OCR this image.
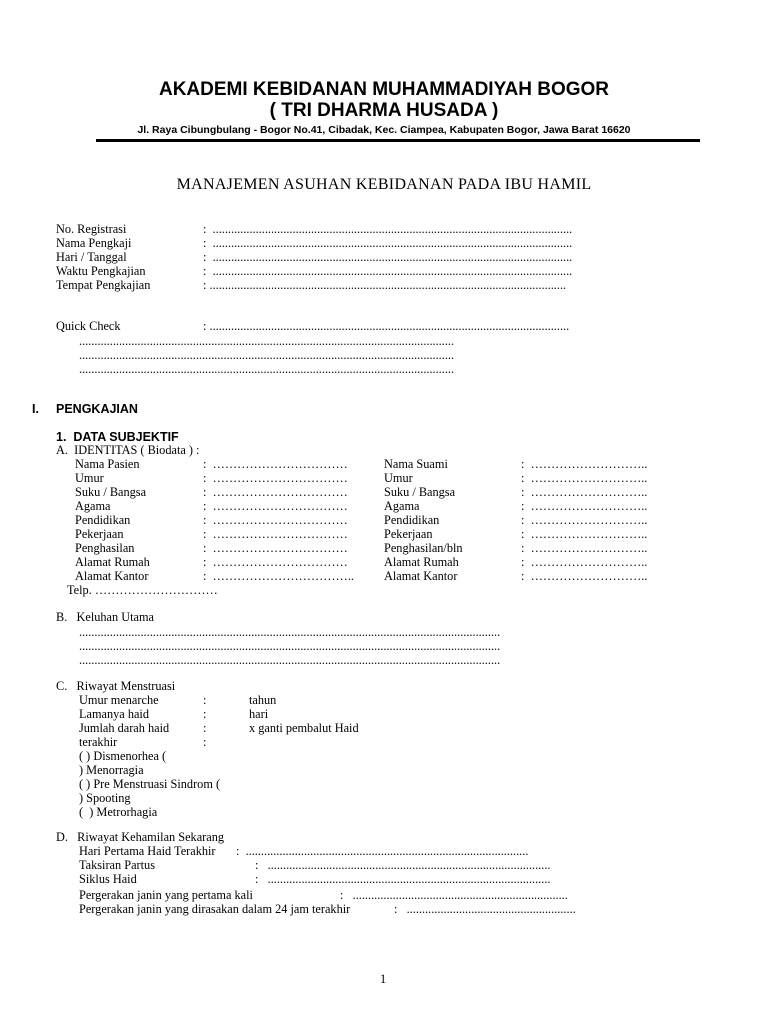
AKADEMI KEBIDANAN MUHAMMADIYAH BOGOR
( TRI DHARMA HUSADA )
Jl. Raya Cibungbulang - Bogor No.41, Cibadak, Kec. Ciampea, Kabupaten Bogor, Jawa Barat 16620
MANAJEMEN ASUHAN KEBIDANAN PADA IBU HAMIL
No. Registrasi	:  .....................................................................................................................
Nama Pengkaji	:  .....................................................................................................................
Hari / Tanggal	:  .....................................................................................................................
Waktu Pengkajian	:  .....................................................................................................................
Tempat Pengkajian	: ....................................................................................................................
Quick Check	: .....................................................................................................................
..........................................................................................................................
..........................................................................................................................
..........................................................................................................................
I. PENGKAJIAN
1.  DATA SUBJEKTIF
A.  IDENTITAS ( Biodata ) :
Nama Pasien	:  ……………………………	Nama Suami	:  ………………………..
Umur	:  ……………………………	Umur	:  ………………………..
Suku / Bangsa	:  ……………………………	Suku / Bangsa	:  ………………………..
Agama	:  ……………………………	Agama	:  ………………………..
Pendidikan	:  ……………………………	Pendidikan	:  ………………………..
Pekerjaan	:  ……………………………	Pekerjaan	:  ………………………..
Penghasilan	:  ……………………………	Penghasilan/bln	:  ………………………..
Alamat Rumah	:  ……………………………	Alamat Rumah	:  ………………………..
Alamat Kantor	:  …………………………….. Alamat Kantor	:  ………………………..
Telp. …………………………
B.   Keluhan Utama
.........................................................................................................................................
.........................................................................................................................................
.........................................................................................................................................
C.   Riwayat Menstruasi
Umur menarche	:	tahun
Lamanya haid	:	hari
Jumlah darah haid	:	x ganti pembalut Haid
terakhir	:
( ) Dismenorhea (
) Menorragia
( ) Pre Menstruasi Sindrom (
) Spooting
(  ) Metrorhagia
D.   Riwayat Kehamilan Sekarang
Hari Pertama Haid Terakhir :  ............................................................................................
Taksiran Partus	:   ............................................................................................
Siklus Haid	:   ............................................................................................
Pergerakan janin yang pertama kali	:   ......................................................................
Pergerakan janin yang dirasakan dalam 24 jam terakhir	:   .......................................................
1
